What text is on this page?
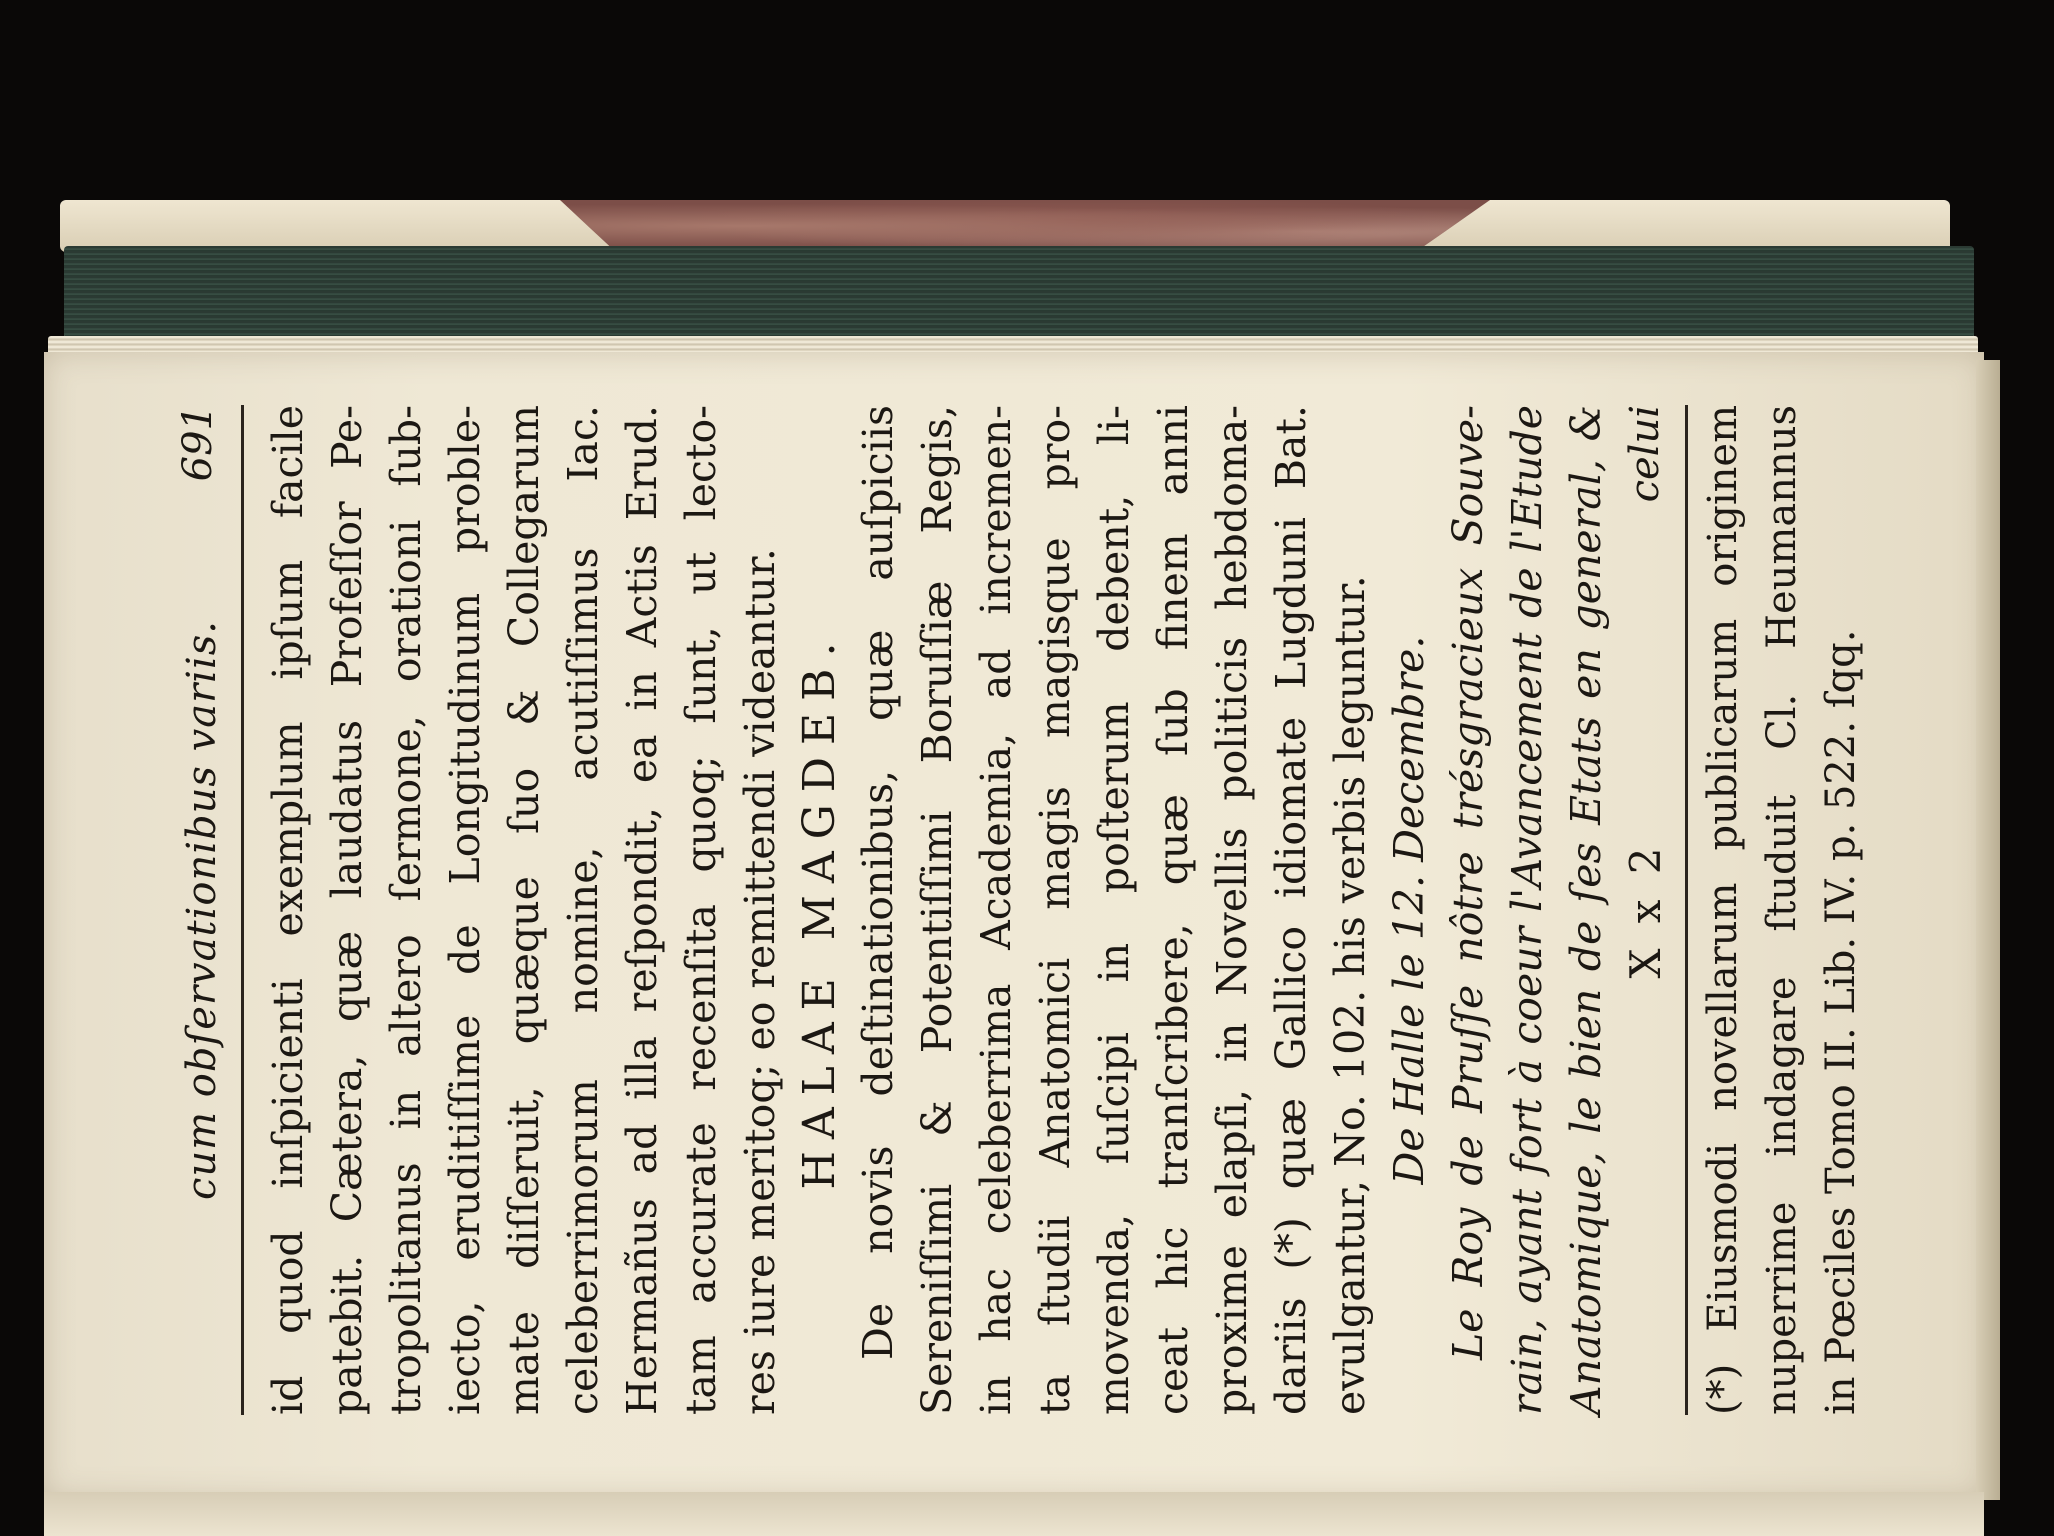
cum obſervationibus variis.
691 id quod inſpicienti exemplum ipſum facile patebit. Cætera, quæ laudatus Profeſſor Pe- tropolitanus in altero ſermone, orationi ſub- iecto, eruditiſſime de Longitudinum proble- mate diſſeruit, quæque ſuo & Collegarum celeberrimorum nomine, acutiſſimus Iac. Hermañus ad illa reſpondit, ea in Actis Erud. tam accurate recenſita quoq; ſunt, ut lecto- res iure meritoq; eo remittendi videantur. HALAE MAGDEB. De novis deſtinationibus, quæ auſpiciis Sereniſſimi & Potentiſſimi Boruſſiæ Regis, in hac celeberrima Academia, ad incremen- ta ſtudii Anatomici magis magisque pro- movenda, ſuſcipi in poſterum debent, li- ceat hic tranſcribere, quæ ſub finem anni proxime elapſi, in Novellis politicis hebdoma- dariis (*) quæ Gallico idiomate Lugduni Bat. evulgantur, No. 102. his verbis leguntur. De Halle le 12. Decembre. Le Roy de Pruſſe nôtre trésgracieux Souve- rain, ayant fort à coeur l'Avancement de l'Etude Anatomique, le bien de ſes Etats en general, & X x 2
celui (*) Eiusmodi novellarum publicarum originem nuperrime indagare ſtuduit Cl. Heumannus in Pœciles Tomo II. Lib. IV. p. 522. ſqq.
